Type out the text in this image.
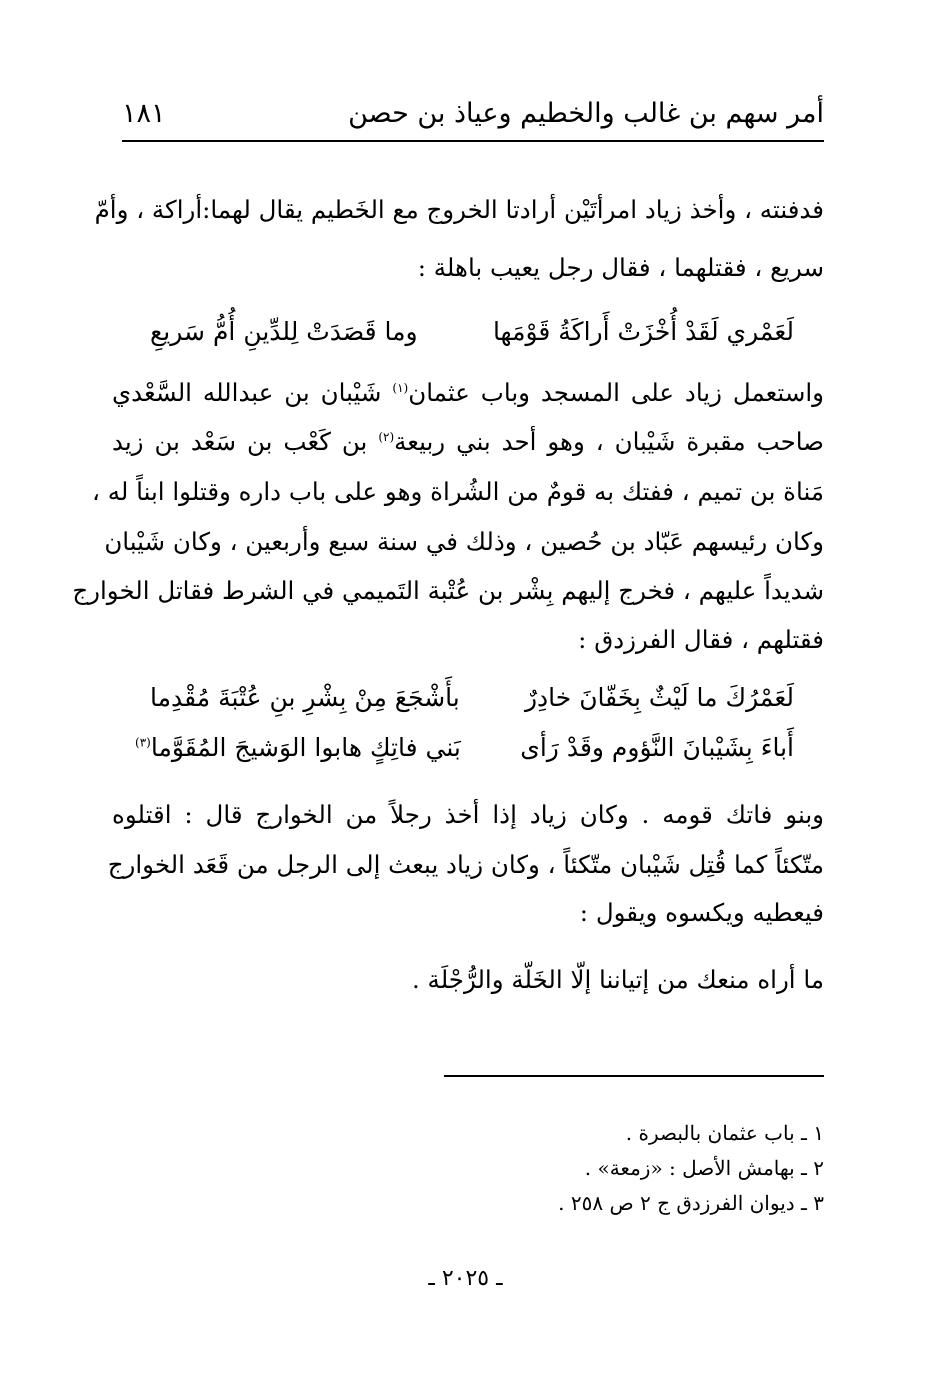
أمر سهم بن غالب والخطيم وعياذ بن حصن
١٨١
فدفنته ، وأخذ زياد امرأتَيْن أرادتا الخروج مع الخَطيم يقال لهما:أراكة ، وأمّ
سريع ، فقتلهما ، فقال رجل يعيب باهلة :
لَعَمْري لَقَدْ أُخْزَتْ أَراكَةُ قَوْمَها
وما قَصَدَتْ لِلدِّينِ أُمُّ سَريعِ
واستعمل زياد على المسجد وباب عثمان$^{(١)}$ شَيْبان بن عبدالله السَّعْدي
صاحب مقبرة شَيْبان ، وهو أحد بني ربيعة$^{(٢)}$ بن كَعْب بن سَعْد بن زيد
مَناة بن تميم ، ففتك به قومٌ من الشُراة وهو على باب داره وقتلوا ابناً له ،
وكان رئيسهم عَبّاد بن حُصين ، وذلك في سنة سبع وأربعين ، وكان شَيْبان
شديداً عليهم ، فخرج إليهم بِشْر بن عُتْبة التَميمي في الشرط فقاتل الخوارج
فقتلهم ، فقال الفرزدق :
لَعَمْرُكَ ما لَيْثٌ بِخَفّانَ خادِرٌ
بأَشْجَعَ مِنْ بِشْرِ بنِ عُتْبَةَ مُقْدِما
أَباءَ بِشَيْبانَ النَّؤوم وقَدْ رَأى
بَني فاتِكٍ هابوا الوَشيجَ المُقَوَّما$^{(٣)}$
وبنو فاتك قومه . وكان زياد إذا أخذ رجلاً من الخوارج قال : اقتلوه
متّكئاً كما قُتِل شَيْبان متّكئاً ، وكان زياد يبعث إلى الرجل من قَعَد الخوارج
فيعطيه ويكسوه ويقول :
ما أراه منعك من إتياننا إلّا الخَلّة والرُّجْلَة .
١ ـ باب عثمان بالبصرة .
٢ ـ بهامش الأصل : «زمعة» .
٣ ـ ديوان الفرزدق ج ٢ ص ٢٥٨ .
ـ ٢٠٢٥ ـ
